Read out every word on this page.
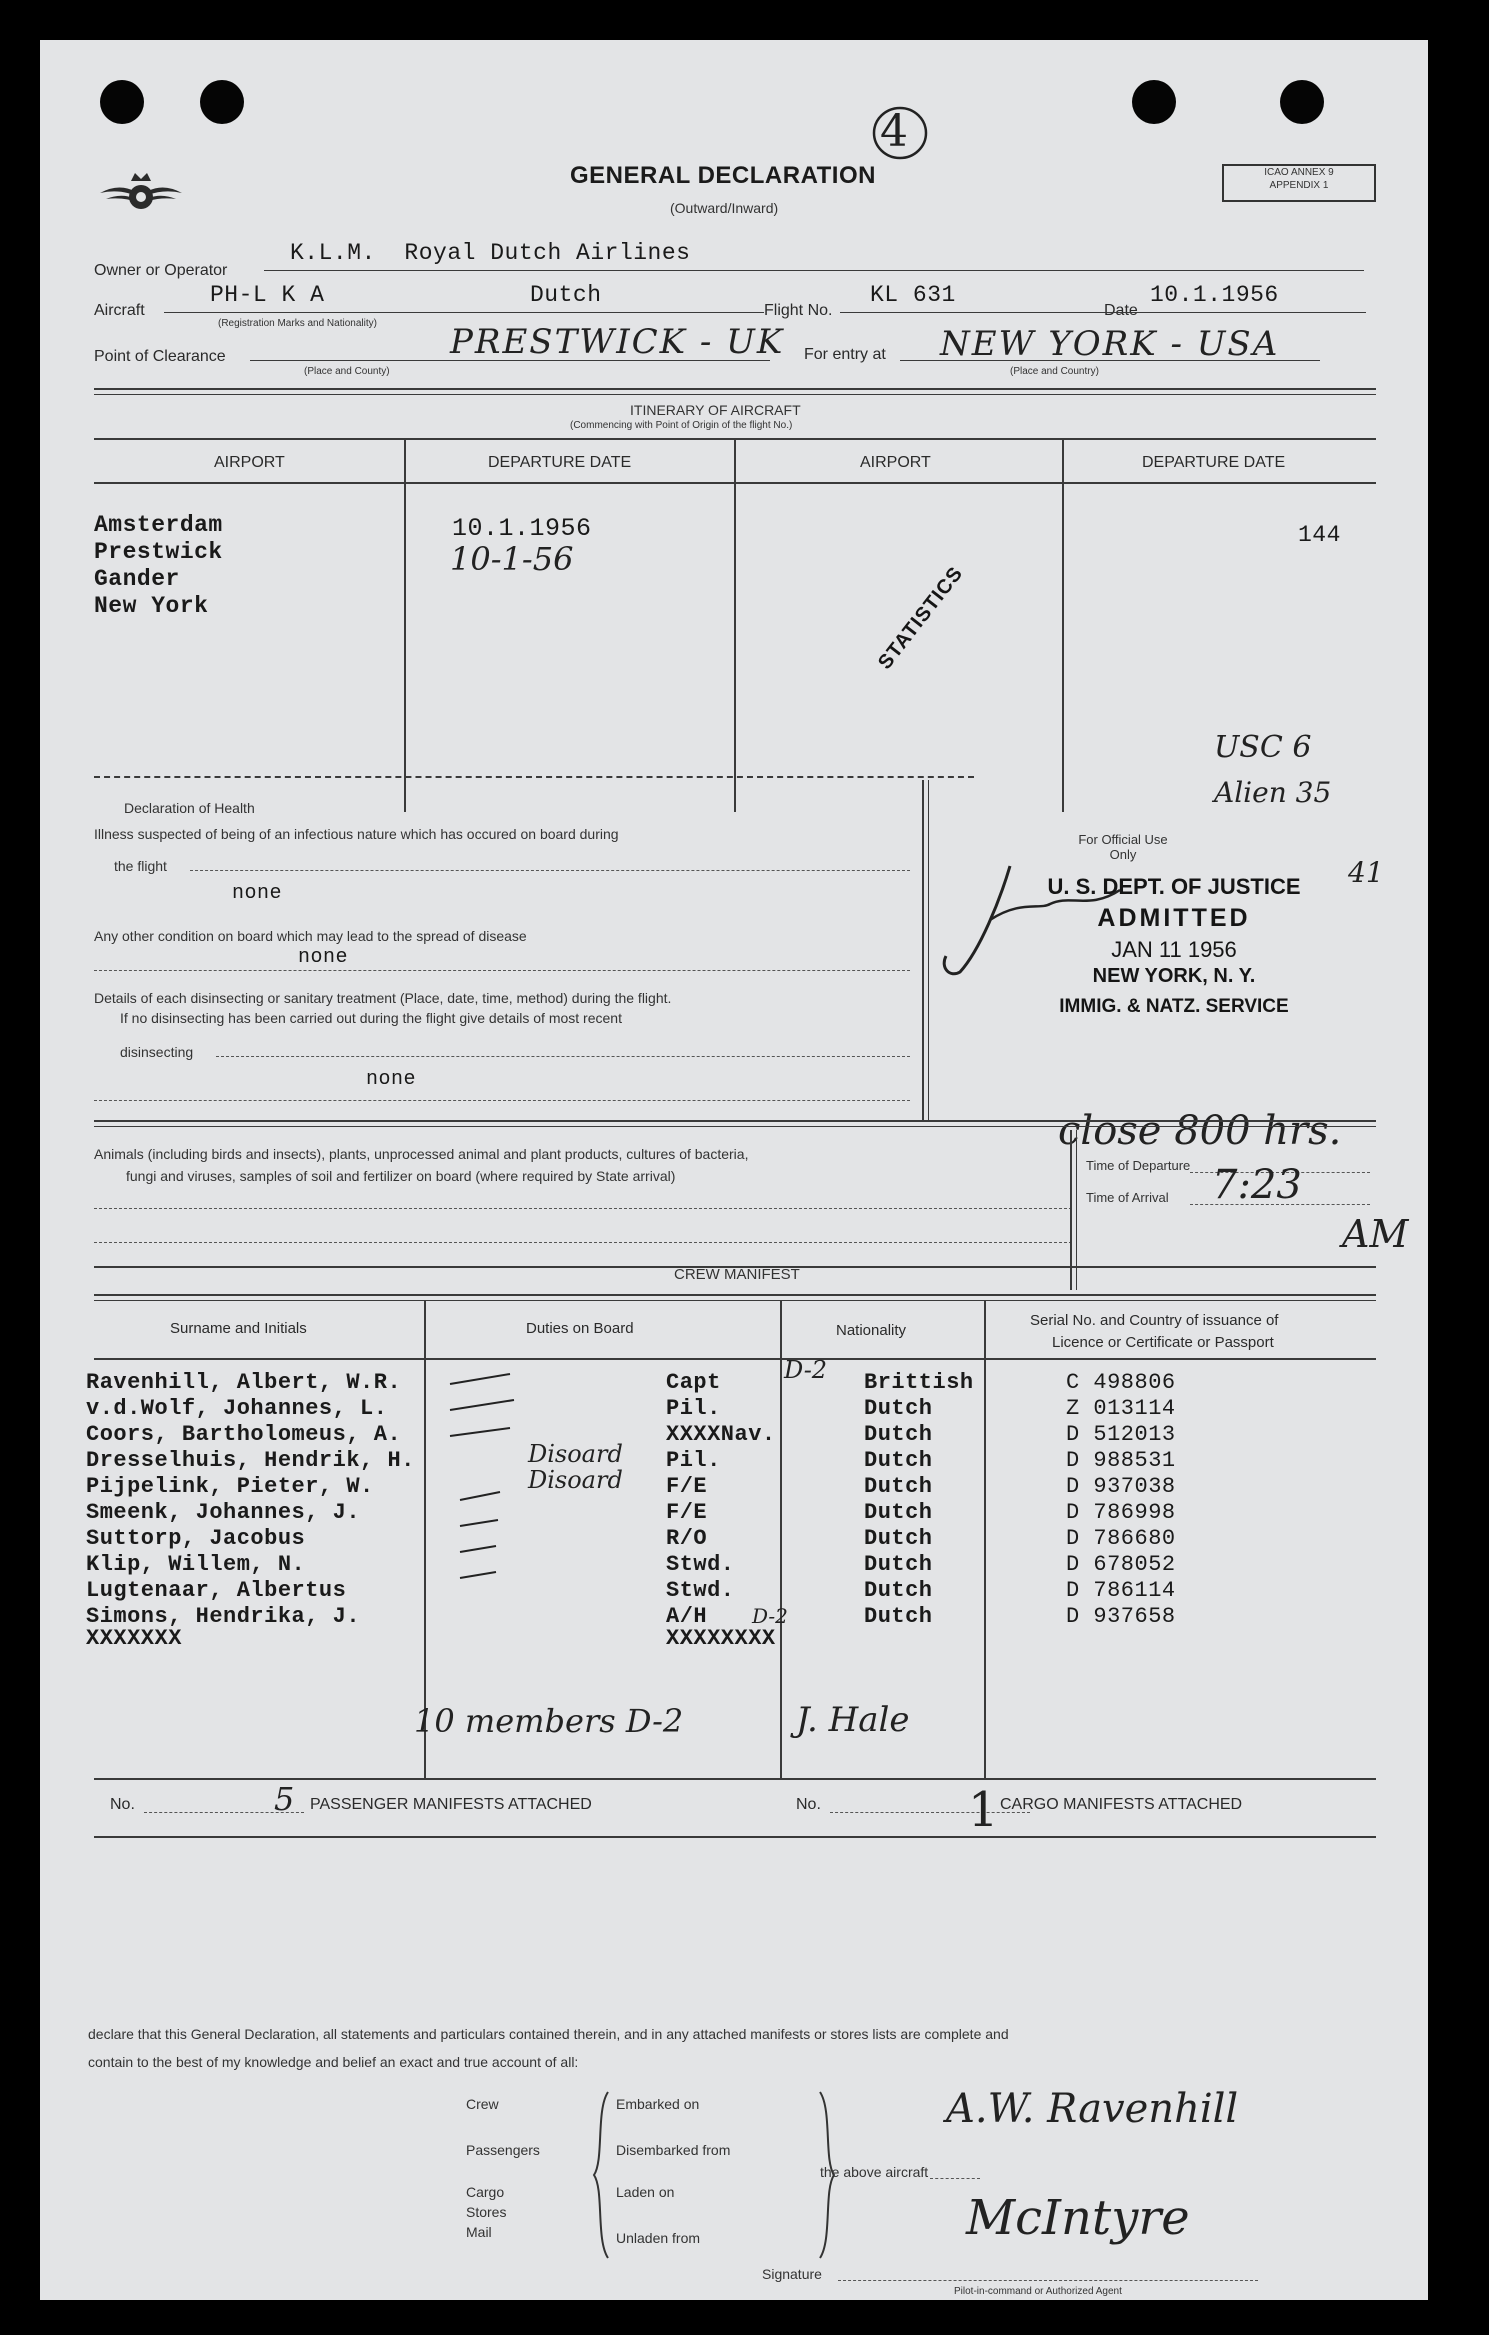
4
GENERAL DECLARATION
(Outward/Inward)
ICAO ANNEX 9
APPENDIX 1
Owner or Operator
K.L.M.  Royal Dutch Airlines
Aircraft
PH-L K A	Dutch
(Registration Marks and Nationality)
Flight No.
KL 631
Date
10.1.1956
Point of Clearance	PRESTWICK - UK
(Place and County)
For entry at NEW YORK - USA
(Place and Country)
ITINERARY OF AIRCRAFT
(Commencing with Point of Origin of the flight No.)
AIRPORT	DEPARTURE DATE	AIRPORT	DEPARTURE DATE
Amsterdam
Prestwick
Gander
New York
10.1.1956
10-1-56
144
STATISTICS
Declaration of Health
Illness suspected of being of an infectious nature which has occured on board during
the flight
none
Any other condition on board which may lead to the spread of disease
none
Details of each disinsecting or sanitary treatment (Place, date, time, method) during the flight.
If no disinsecting has been carried out during the flight give details of most recent
disinsecting
none
For Official Use Only
U. S. DEPT. OF JUSTICE
ADMITTED
JAN 11 1956
NEW YORK, N. Y.
IMMIG. & NATZ. SERVICE
USC 6
Alien 35
41
close 800 hrs.
Animals (including birds and insects), plants, unprocessed animal and plant products, cultures of bacteria,
fungi and viruses, samples of soil and fertilizer on board (where required by State arrival)
Time of Departure
Time of Arrival 7:23
AM
CREW MANIFEST
Surname and Initials	Duties on Board	Nationality
Serial No. and Country of issuance of
Licence or Certificate or Passport
Ravenhill, Albert, W.R.	Capt	Brittish	C 498806
v.d.Wolf, Johannes, L.	Pil.	Dutch	Z 013114
Coors, Bartholomeus, A.	XXXXNav.	Dutch	D 512013
Dresselhuis, Hendrik, H.	Pil.	Dutch	D 988531
Pijpelink, Pieter, W.	F/E	Dutch	D 937038
Smeenk, Johannes, J.	F/E	Dutch	D 786998
Suttorp, Jacobus	R/O	Dutch	D 786680
Klip, Willem, N.	Stwd.	Dutch	D 678052
Lugtenaar, Albertus	Stwd.	Dutch	D 786114
Simons, Hendrika, J.	A/H	Dutch	D 937658
XXXXXXX	XXXXXXXX
D-2
D-2
Disoard
Disoard
10 members D-2	J. Hale
No.	5 PASSENGER MANIFESTS ATTACHED	No.	1 CARGO MANIFESTS ATTACHED
declare that this General Declaration, all statements and particulars contained therein, and in any attached manifests or stores lists are complete and
contain to the best of my knowledge and belief an exact and true account of all:
Crew
Passengers
Cargo
Stores
Mail
Embarked on
Disembarked from
Laden on
Unladen from
the above aircraft
A.W. Ravenhill
McIntyre
Signature
Pilot-in-command or Authorized Agent
